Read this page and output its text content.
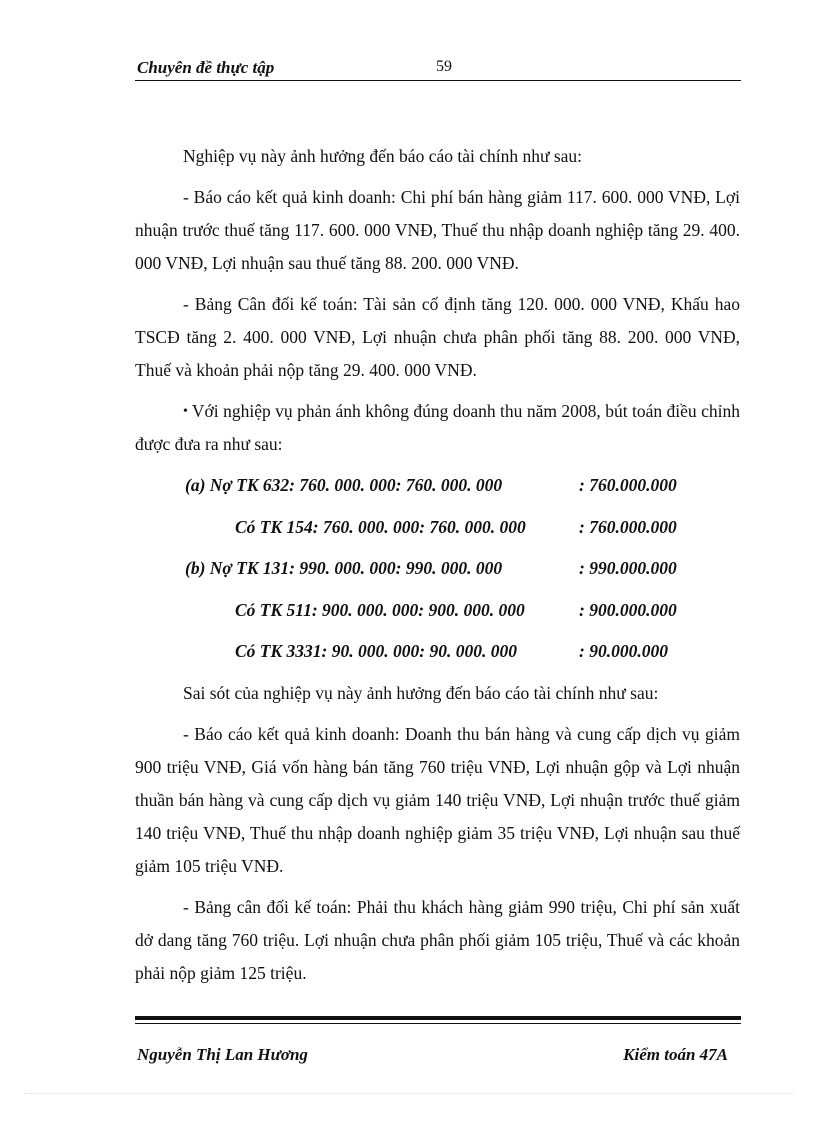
Chuyên đề thực tập	59

Nghiệp vụ này ảnh hưởng đến báo cáo tài chính như sau:

- Báo cáo kết quả kinh doanh: Chi phí bán hàng giảm 117. 600. 000 VNĐ, Lợi nhuận trước thuế tăng 117. 600. 000 VNĐ, Thuế thu nhập doanh nghiệp tăng 29. 400. 000 VNĐ, Lợi nhuận sau thuế tăng 88. 200. 000 VNĐ.

- Bảng Cân đối kế toán: Tài sản cố định tăng 120. 000. 000 VNĐ, Khấu hao TSCĐ tăng 2. 400. 000 VNĐ, Lợi nhuận chưa phân phối tăng 88. 200. 000 VNĐ, Thuế và khoản phải nộp tăng 29. 400. 000 VNĐ.

• Với nghiệp vụ phản ánh không đúng doanh thu năm 2008, bút toán điều chỉnh được đưa ra như sau:

(a) Nợ TK 632: 760. 000. 000: 760. 000. 000	: 760.000.000
Có TK 154: 760. 000. 000: 760. 000. 000	: 760.000.000
(b) Nợ TK 131: 990. 000. 000: 990. 000. 000	: 990.000.000
Có TK 511: 900. 000. 000: 900. 000. 000	: 900.000.000
Có TK 3331: 90. 000. 000: 90. 000. 000	: 90.000.000

Sai sót của nghiệp vụ này ảnh hưởng đến báo cáo tài chính như sau:

- Báo cáo kết quả kinh doanh: Doanh thu bán hàng và cung cấp dịch vụ giảm 900 triệu VNĐ, Giá vốn hàng bán tăng 760 triệu VNĐ, Lợi nhuận gộp và Lợi nhuận thuần bán hàng và cung cấp dịch vụ giảm 140 triệu VNĐ, Lợi nhuận trước thuế giảm 140 triệu VNĐ, Thuế thu nhập doanh nghiệp giảm 35 triệu VNĐ, Lợi nhuận sau thuế giảm 105 triệu VNĐ.

- Bảng cân đối kế toán: Phải thu khách hàng giảm 990 triệu, Chi phí sản xuất dở dang tăng 760 triệu. Lợi nhuận chưa phân phối giảm 105 triệu, Thuế và các khoản phải nộp giảm 125 triệu.

Nguyễn Thị Lan Hương	Kiểm toán 47A
